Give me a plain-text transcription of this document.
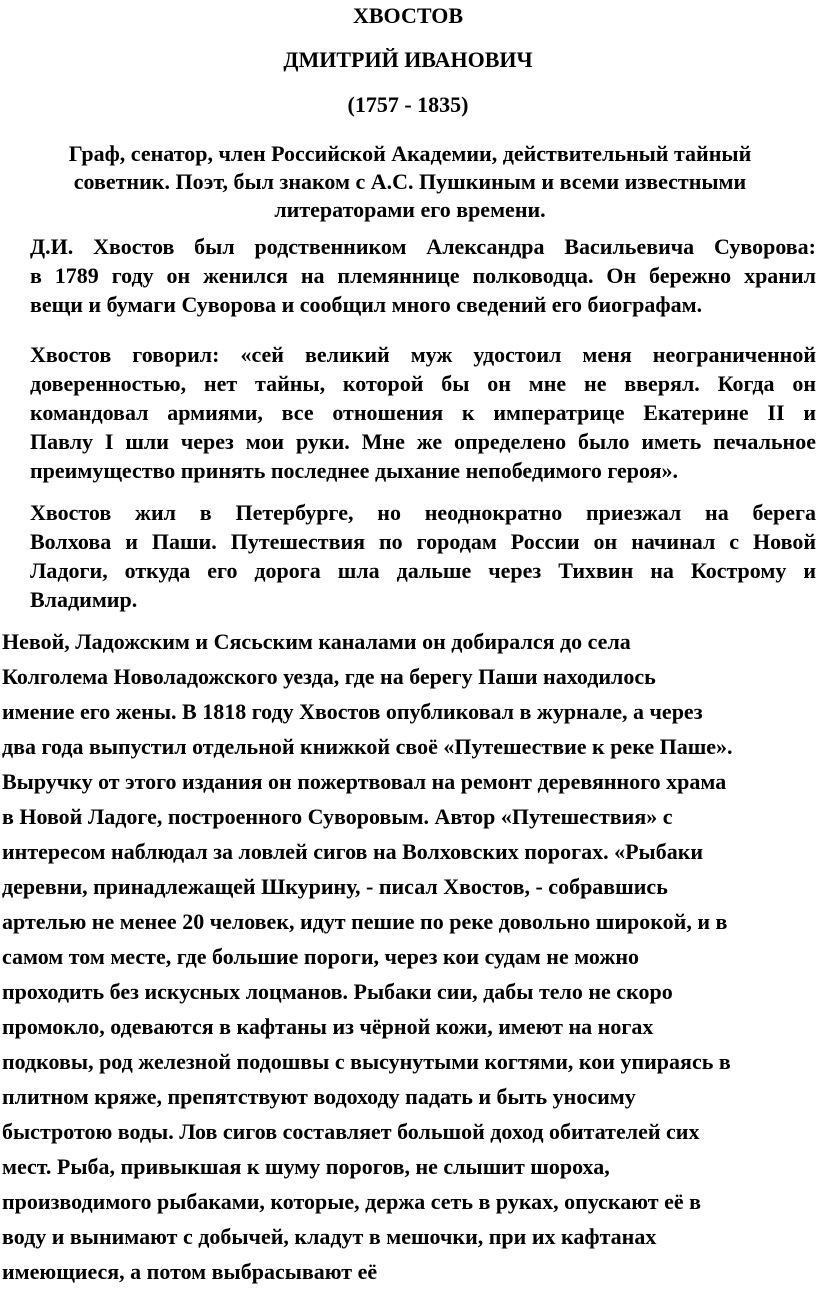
ХВОСТОВ
ДМИТРИЙ ИВАНОВИЧ
(1757 - 1835)
Граф, сенатор, член Российской Академии, действительный тайный
советник. Поэт, был знаком с А.С. Пушкиным и всеми известными
литераторами его времени.
Д.И. Хвостов был родственником Александра Васильевича Суворова:
в 1789 году он женился на племяннице полководца. Он бережно хранил
вещи и бумаги Суворова и сообщил много сведений его биографам.
Хвостов говорил: «сей великий муж удостоил меня неограниченной
доверенностью, нет тайны, которой бы он мне не вверял. Когда он
командовал армиями, все отношения к императрице Екатерине II и
Павлу I шли через мои руки. Мне же определено было иметь печальное
преимущество принять последнее дыхание непобедимого героя».
Хвостов жил в Петербурге, но неоднократно приезжал на берега
Волхова и Паши. Путешествия по городам России он начинал с Новой
Ладоги, откуда его дорога шла дальше через Тихвин на Кострому и
Владимир.
Невой, Ладожским и Сясьским каналами он добирался до села
Колголема Новоладожского уезда, где на берегу Паши находилось
имение его жены. В 1818 году Хвостов опубликовал в журнале, а через
два года выпустил отдельной книжкой своё «Путешествие к реке Паше».
Выручку от этого издания он пожертвовал на ремонт деревянного храма
в Новой Ладоге, построенного Суворовым. Автор «Путешествия» с
интересом наблюдал за ловлей сигов на Волховских порогах. «Рыбаки
деревни, принадлежащей Шкурину, - писал Хвостов, - собравшись
артелью не менее 20 человек, идут пешие по реке довольно широкой, и в
самом том месте, где большие пороги, через кои судам не можно
проходить без искусных лоцманов. Рыбаки сии, дабы тело не скоро
промокло, одеваются в кафтаны из чёрной кожи, имеют на ногах
подковы, род железной подошвы с высунутыми когтями, кои упираясь в
плитном кряже, препятствуют водоходу падать и быть уносиму
быстротою воды. Лов сигов составляет большой доход обитателей сих
мест. Рыба, привыкшая к шуму порогов, не слышит шороха,
производимого рыбаками, которые, держа сеть в руках, опускают её в
воду и вынимают с добычей, кладут в мешочки, при их кафтанах
имеющиеся, а потом выбрасывают её
